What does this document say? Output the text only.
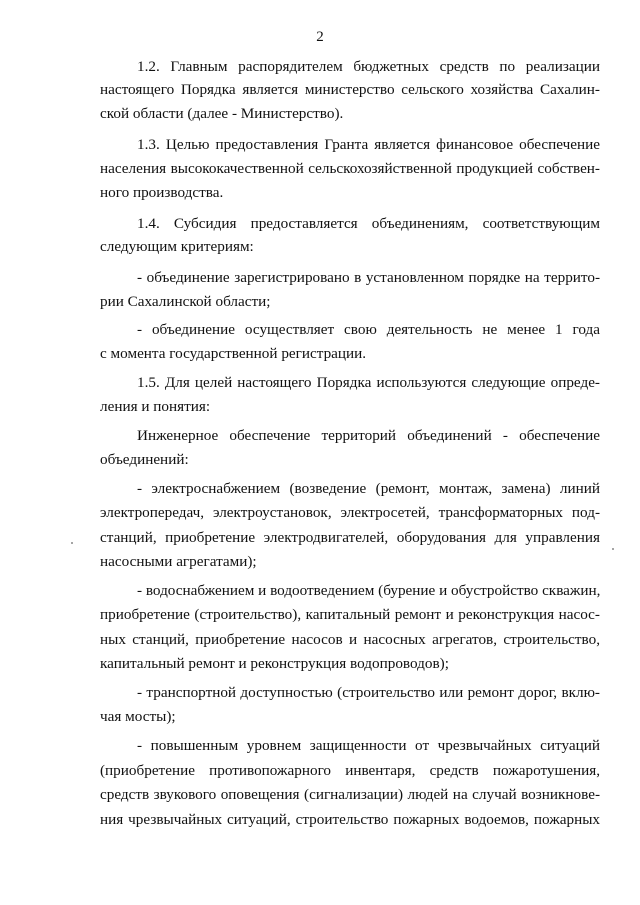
2
1.2. Главным распорядителем бюджетных средств по реализации
настоящего Порядка является министерство сельского хозяйства Сахалин-
ской области (далее - Министерство).
1.3. Целью предоставления Гранта является финансовое обеспечение
населения высококачественной сельскохозяйственной продукцией собствен-
ного производства.
1.4. Субсидия предоставляется объединениям, соответствующим
следующим критериям:
- объединение зарегистрировано в установленном порядке на террито-
рии Сахалинской области;
- объединение осуществляет свою деятельность не менее 1 года
с момента государственной регистрации.
1.5. Для целей настоящего Порядка используются следующие опреде-
ления и понятия:
Инженерное обеспечение территорий объединений - обеспечение
объединений:
- электроснабжением (возведение (ремонт, монтаж, замена) линий
электропередач, электроустановок, электросетей, трансформаторных под-
станций, приобретение электродвигателей, оборудования для управления
насосными агрегатами);
- водоснабжением и водоотведением (бурение и обустройство скважин,
приобретение (строительство), капитальный ремонт и реконструкция насос-
ных станций, приобретение насосов и насосных агрегатов, строительство,
капитальный ремонт и реконструкция водопроводов);
- транспортной доступностью (строительство или ремонт дорог, вклю-
чая мосты);
- повышенным уровнем защищенности от чрезвычайных ситуаций
(приобретение противопожарного инвентаря, средств пожаротушения,
средств звукового оповещения (сигнализации) людей на случай возникнове-
ния чрезвычайных ситуаций, строительство пожарных водоемов, пожарных
